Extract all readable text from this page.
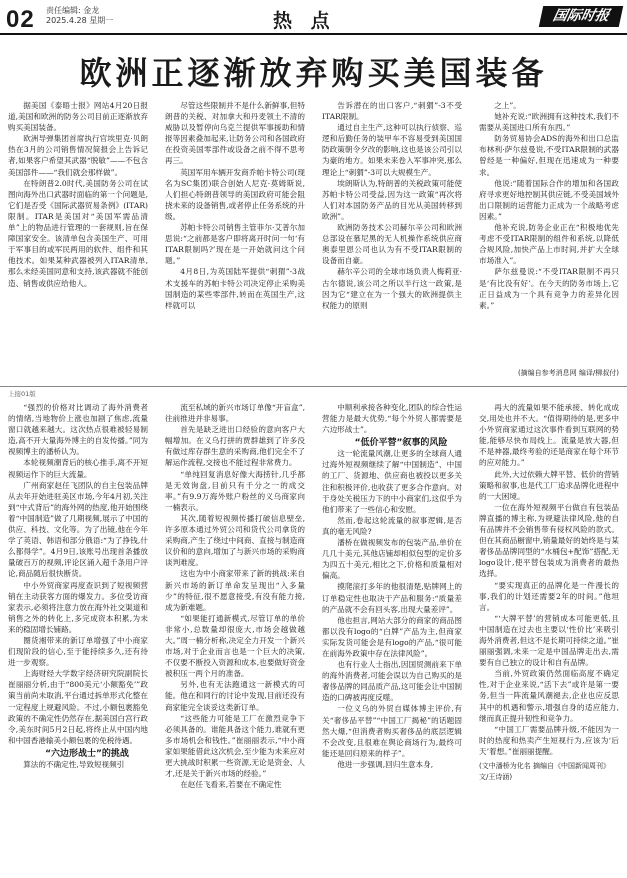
02 责任编辑: 金龙
2025.4.28 星期一	热 点	国际时报
欧洲正逐渐放弃购买美国装备

据美国《泰晤士报》网站4月20日报道,美国和欧洲的防务公司目前正逐渐放弃购买美国装备。

欧洲导弹集团首席执行官埃里克·贝朗热在3月的公司销售情况简报会上告诉记者,如果客户希望其武器“脱敏”——不包含美国部件——“我们就会那样做”。

在特朗普2.0时代,美国防务公司在试图向海外出口武器时面临的第一个问题是,它们是否受《国际武器贸易条例》(ITAR)限制。ITAR是美国对“美国军需品清单”上的物品进行管理的一套规则,旨在保障国家安全。该清单包含美国生产、可用于军事目的或军民两用的软件、组件和其他技术。如果某种武器被列入ITAR清单,那么未经美国同意和支持,该武器就不能创造、销售或供应给他人。

尽管这些限制并不是什么新鲜事,但特朗普的关税、对加拿大和丹麦领土不清的威胁以及暂停向乌克兰提供军事援助和情报等因素叠加起来,让防务公司和各国政府在投资美国零部件或设备之前不得不思考再三。

英国军用车辆开发商乔帕卡特公司(现名为SC集团)联合创始人尼克·莫姆斯说,人们担心特朗普领导的美国政府可能会阻挠未来的设备销售,或者停止任务系统的升级。

苏帕卡特公司销售主管菲尔·艾普尔加思说:“之前都是客户即将离开时问一句‘有ITAR限制吗?’现在是一开始就问这个问题。”

4月8日,为英国陆军提供“刺猬”-3战术支援车的苏帕卡特公司决定停止采购美国制造的某些零部件,转而在英国生产,这样就可以

告诉潜在的出口客户,“刺猬”-3不受ITAR限制。

通过自主生产,这种可以执行侦察、巡逻和后勤任务的装甲车不容易受到美国国防政策朝令夕改的影响,这也是该公司引以为豪的地方。如果未来卷入军事冲突,那么理论上“刺猬”-3可以大规模生产。

埃朗斯认为,特朗普的关税政策可能使苏帕卡特公司受益,因为这一政策“再次将人们对本国防务产品的目光从美国转移到欧洲”。

欧洲防务技术公司赫尔辛公司和欧洲总部设在慕尼黑的无人机操作系统供应商奥泰里恩公司也认为有不受ITAR限制的设备而自豪。

赫尔辛公司的全球市场负责人梅莉亚·古尔德说,该公司之所以半行这一政策,是因为它“建立在为一个强大的欧洲提供主权能力的原则

之上”。

她补充说:“欧洲拥有这种技术,我们不需要从美国进口所有东西。”

防务贸易协会ADS的海外和出口总监布林利·萨尔兹曼说,不受ITAR限制的武器曾经是一种偏好,但现在迅速成为一种要求。

他说:“随着国际合作的增加和各国政府寻求更好地控制其供应链,不受美国域外出口限制的运营能力正成为一个战略考虑因素。”

他补充说,防务企业正在“积极地优先考虑不受ITAR限制的组件和系统,以降低合规风险,加快产品上市时间,并扩大全球市场准入”。

萨尔兹曼说:“不受ITAR限制不再只是‘有比没有好’。在今天的防务市场上,它正日益成为一个具有竞争力的差异化因素。”

(摘编自参考消息网 编译/柳叔付)
上接01版

“强烈的价格对比调动了海外消费者的情绪,当地物价上涨也加剧了焦虑,流量窗口就越来越大。这次热点很难被轻易制造,高不开大量海外博主的自发传播。”同为视频博主的潘桥认为。

本轮视频潮背后的核心推手,离不开短视频运作下的巨大流量。

广州商家赵任飞团队的自主包装品牌从去年开始进驻美区市场,今年4月初,关注到“中式背后”的海外网的热度,他开始围绕着“中国制造”做了几期视频,展示了中国的供应、科技、文化等。为了出镜,他在今年学了英语、韩语和部分俄语:“为了挣钱,什么都得学”。4月9日,该账号出现首条播放量破百万的视频,评论区涌入超千条用户评论,商品随后很快断货。

中小外贸商家再度查识到了短视频营销在主动获客方面的爆发力。多位受访商家表示,必须将注意力放在海外社交渠道和销售之外的转化上,多完成资本积累,为未来的稳固增长铺路。

圈货湘带来的新订单增强了中小商家们现阶段的信心,至于能持续多久,还有待进一步观察。

上海财经大学数字经济研究院副院长崔丽丽分析,由于“800美元‘小额豁免’”政策当前尚未取消,平台通过拆单形式化整在一定程度上规避风险。不过,小额包裹豁免政策的不确定性仍然存在,据美国白宫行政令,美东时间5月2日起,将终止从中国内地和中国香港输美小额包裹的免税待遇。

“六边形战士”的挑战

算法的不确定性,导致短视频引

流至私域的新兴市场订单像“开盲盒”,往前推进并非易事。

首先是缺乏进出口经验的意向客户大幅增加。在义乌打拼的贾群雄到了许多没有做过库存群生意的采购商,他们完全不了解运作流程,交接也不能过程非常费力。

“单纯回复消息好像大海捞针,几乎都是无效询盘,目前只有千分之一的成交率。”有9.9万海外账户粉丝的义乌商家向一楠表示。

其次,随着短视频传播打破信息壁垒,许多原本通过外贸公司和货代公司拿货的采购商,产生了绕过中间商、直接与制造商议价和的意向,增加了与新兴市场的采购商谈判难度。

这也为中小商家带来了新的挑战:来自新兴市场的新订单命发呈现出“入多量少”的特征,很不愿意接受,有没有能力接,成为新难题。

“如果能打通新模式,尽管订单的单价非常小,总数量却很庞大,市场会越做越大。”周一楠分析称,决定全力开发一个新兴市场,对于企业而言也是一个巨大的决策,不仅要不断投入资源和成本,也要做好资金被积压一两个月的准备。

另外,也有无法跑通这一新模式的可能。他在和同行的讨论中发现,目前还没有商家能完全谈妥这类新订单。

“这些能力可能是工厂在激烈竞争下必须具备的。谁能具备这个能力,谁就有更多市场机会和钱性。”崔丽丽表示,“中小商家如果能借此这次机会,至少能为未来应对更大挑战时积累一些资源,无论是资金、人才,还是关于新兴市场的经验。”

在赵任飞看来,若要在不确定性

中顺利承接各种变化,团队的综合性运营能力是最大优势,“每个外贸人都需要是六边形战士”。

“低价平替”叙事的风险

这一轮流量风潮,让更多的全球商人通过海外短视频继续了解“中国制造”、中国的工厂、货源地、供应商也被投以更多关注和积极评价,也收获了更多合作意向。对于身处关税压力下的中小商家们,这似乎为他们带来了一些信心和安慰。

然而,卷起这轮流量的叙事逻辑,是否真的毫无风险?

潘桥在做视频发布的包装产品,单价在几几十美元,其他店铺却相似包型的定价多为四五十美元,相比之下,价格和质量相对偏高。

摸爬滚打多年的他很清楚,贴牌网上的订单稳定性也取决于产品和服务:“质量差的产品就不会有回头客,出现大量差评”。

他也担言,网站大部分的商家的商品图都以没有logo的“白牌”产品为主,但商家实际发货可能会是有logo的产品,“很可能在前海外政策中存在法律风险”。

也有行业人士指出,因国贸测前来下单的海外消费者,可能会误以为自己购买的是奢侈品牌的同品质产品,这可能会让中国制造的口碑被再度反噬。

一位义乌的外贸自媒体博主评价,有关“奢侈品平替”“中国工厂揭秘”的话题固然大爆,“但消费者购买奢侈品的底层逻辑不会改变,且很难在舆论商场行为,最终可能还是回归原来的样子”。

他进一步强调,回归生意本身,

再大的流量如果不能承接、转化成成交,用处也并不大。“值得期待的是,更多中小外贸商家通过这次事件看到互联网的势能,能够尽快布局线上。流量是放大器,但不是神器,最终考验的还是商家在每个环节的应对能力。”

此外,大过依赖大牌平替、低价的营销策略和叙事,也是代工厂追求品牌化进程中的一大困境。

一位在海外短视频平台做自有包装品牌直播的博主称,为规避法律风险,他的自有品牌并不会销售带有侵权风险的款式。但在其商品橱窗中,销量最好的始终是与某奢侈品品牌同型的“水桶包+配饰”搭配,无logo设计,使平替包装成为消费者的最热选择。

“要实现真正的品牌化是一件漫长的事,我们的计划还需要2年的时间。”他坦言。

“‘大牌平替’的营销成本可能更低,且中国制造在过去也主要以‘性价比’来吸引海外消费者,但这不是长期可持续之道。”崔丽丽强调,未来一定是中国品牌走出去,需要有自己独立的设计和自有品牌。

当前,外贸政策仍然面临高度不确定性,对于企业来说,“活下去”或许是第一要务,但当一阵流量风潮褪去,企业也应反思其中的机遇和警示,增强自身的适应能力,继而真正提升韧性和竞争力。

“中国工厂需要品牌升级,不能因为一时的热度和热卖产生短视行为,应该为‘后天’着想。”崔丽丽提醒。

(文中潘桥为化名 摘编自《中国新闻周刊》 文/王诗涵)
